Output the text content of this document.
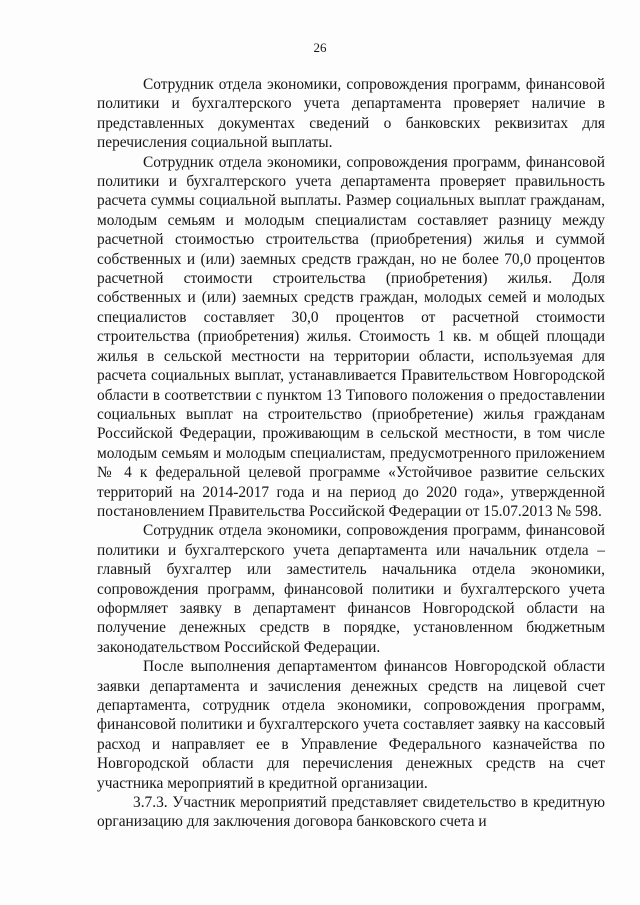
26

Сотрудник отдела экономики, сопровождения программ, финансовой политики и бухгалтерского учета департамента проверяет наличие в представленных документах сведений о банковских реквизитах для перечисления социальной выплаты.

Сотрудник отдела экономики, сопровождения программ, финансовой политики и бухгалтерского учета департамента проверяет правильность расчета суммы социальной выплаты. Размер социальных выплат гражданам, молодым семьям и молодым специалистам составляет разницу между расчетной стоимостью строительства (приобретения) жилья и суммой собственных и (или) заемных средств граждан, но не более 70,0 процентов расчетной стоимости строительства (приобретения) жилья. Доля собственных и (или) заемных средств граждан, молодых семей и молодых специалистов составляет 30,0 процентов от расчетной стоимости строительства (приобретения) жилья. Стоимость 1 кв. м общей площади жилья в сельской местности на территории области, используемая для расчета социальных выплат, устанавливается Правительством Новгородской области в соответствии с пунктом 13 Типового положения о предоставлении социальных выплат на строительство (приобретение) жилья гражданам Российской Федерации, проживающим в сельской местности, в том числе молодым семьям и молодым специалистам, предусмотренного приложением № 4 к федеральной целевой программе «Устойчивое развитие сельских территорий на 2014-2017 года и на период до 2020 года», утвержденной постановлением Правительства Российской Федерации от 15.07.2013 № 598.

Сотрудник отдела экономики, сопровождения программ, финансовой политики и бухгалтерского учета департамента или начальник отдела – главный бухгалтер или заместитель начальника отдела экономики, сопровождения программ, финансовой политики и бухгалтерского учета оформляет заявку в департамент финансов Новгородской области на получение денежных средств в порядке, установленном бюджетным законодательством Российской Федерации.

После выполнения департаментом финансов Новгородской области заявки департамента и зачисления денежных средств на лицевой счет департамента, сотрудник отдела экономики, сопровождения программ, финансовой политики и бухгалтерского учета составляет заявку на кассовый расход и направляет ее в Управление Федерального казначейства по Новгородской области для перечисления денежных средств на счет участника мероприятий в кредитной организации.

3.7.3. Участник мероприятий представляет свидетельство в кредитную организацию для заключения договора банковского счета и
